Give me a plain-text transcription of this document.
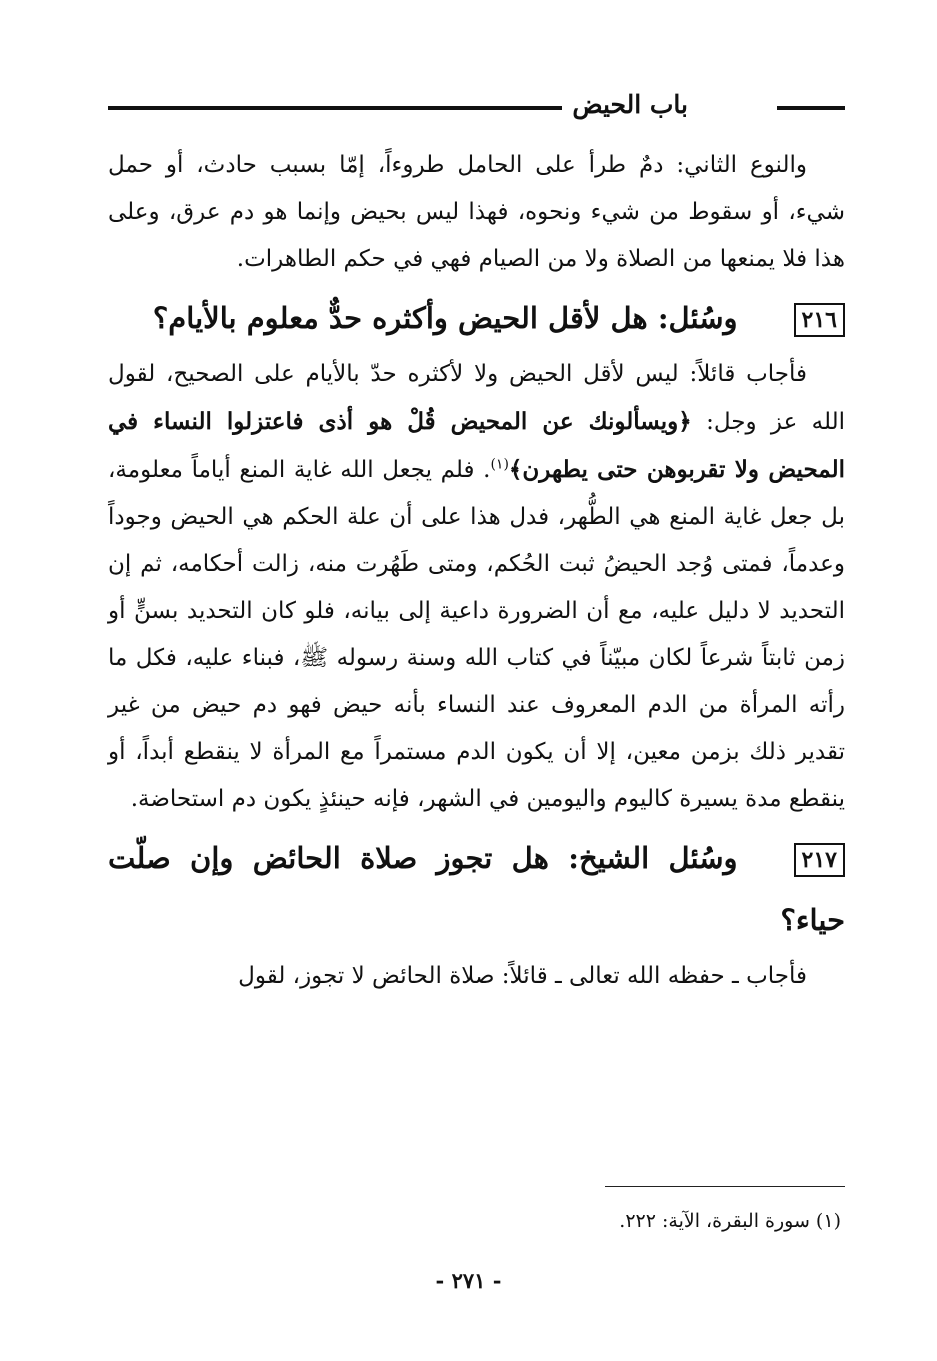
باب الحيض

والنوع الثاني: دمٌ طرأ على الحامل طروءاً، إمّا بسبب حادث، أو حمل شيء، أو سقوط من شيء ونحوه، فهذا ليس بحيض وإنما هو دم عرق، وعلى هذا فلا يمنعها من الصلاة ولا من الصيام فهي في حكم الطاهرات.

٢١٦وسُئل: هل لأقل الحيض وأكثره حدٌّ معلوم بالأيام؟

فأجاب قائلاً: ليس لأقل الحيض ولا لأكثره حدّ بالأيام على الصحيح، لقول الله عز وجل: ﴿ويسألونك عن المحيض قُلْ هو أذى فاعتزلوا النساء في المحيض ولا تقربوهن حتى يطهرن﴾$^{(١)}$. فلم يجعل الله غاية المنع أياماً معلومة، بل جعل غاية المنع هي الطُّهر، فدل هذا على أن علة الحكم هي الحيض وجوداً وعدماً، فمتى وُجد الحيضُ ثبت الحُكم، ومتى طَهُرت منه، زالت أحكامه، ثم إن التحديد لا دليل عليه، مع أن الضرورة داعية إلى بيانه، فلو كان التحديد بسنٍّ أو زمن ثابتاً شرعاً لكان مبيّناً في كتاب الله وسنة رسوله ﷺ، فبناء عليه، فكل ما رأته المرأة من الدم المعروف عند النساء بأنه حيض فهو دم حيض من غير تقدير ذلك بزمن معين، إلا أن يكون الدم مستمراً مع المرأة لا ينقطع أبداً، أو ينقطع مدة يسيرة كاليوم واليومين في الشهر، فإنه حينئذٍ يكون دم استحاضة.

٢١٧وسُئل الشيخ: هل تجوز صلاة الحائض وإن صلّت حياء؟

فأجاب ـ حفظه الله تعالى ـ قائلاً: صلاة الحائض لا تجوز، لقول

(١) سورة البقرة، الآية: ٢٢٢.
- ٢٧١ -
